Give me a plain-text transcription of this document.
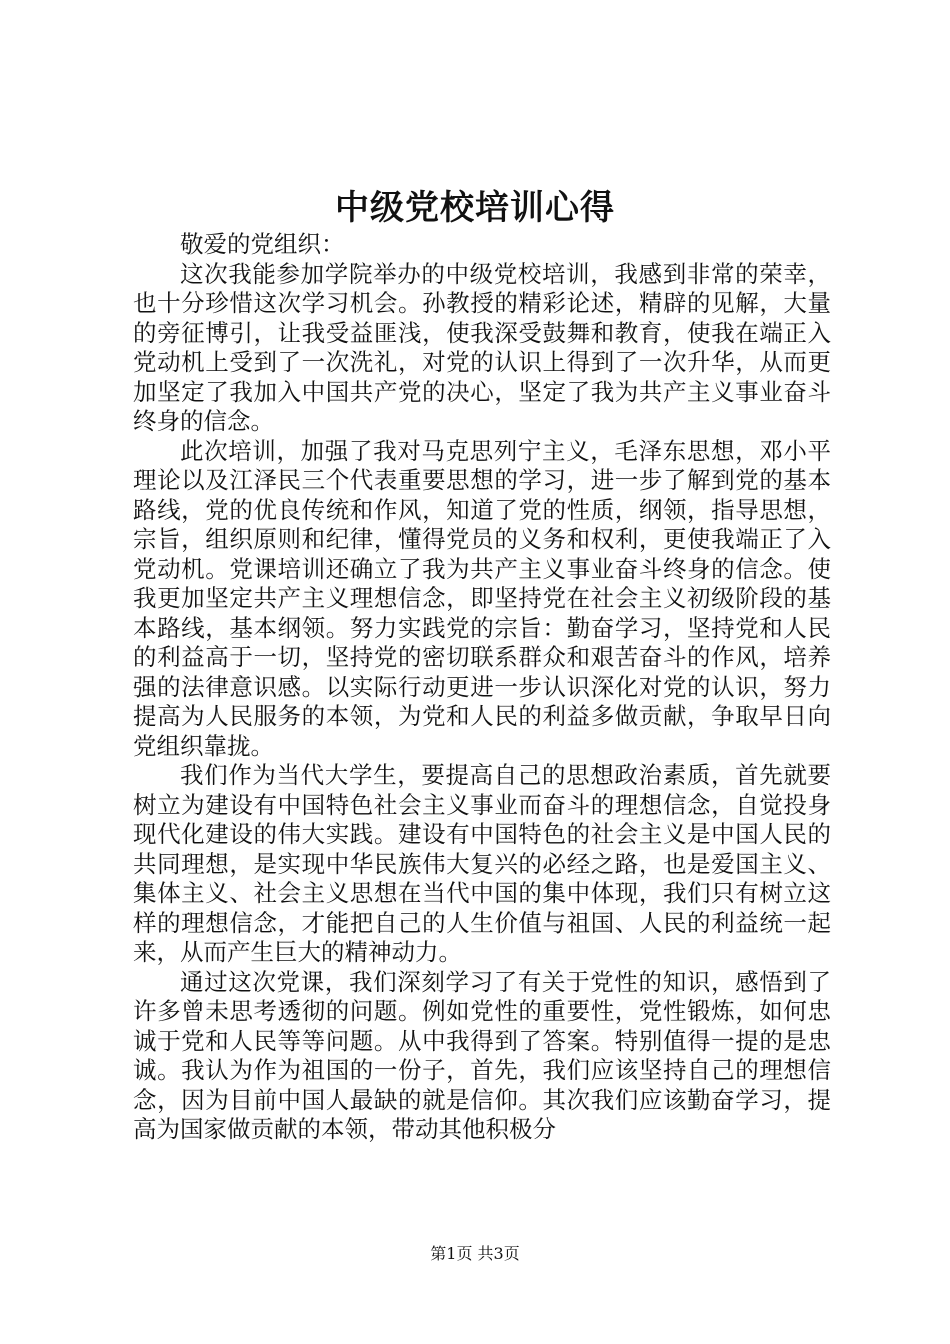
中级党校培训心得

敬爱的党组织：

这次我能参加学院举办的中级党校培训，我感到非常的荣幸，也十分珍惜这次学习机会。孙教授的精彩论述，精辟的见解，大量的旁征博引，让我受益匪浅，使我深受鼓舞和教育，使我在端正入党动机上受到了一次洗礼，对党的认识上得到了一次升华，从而更加坚定了我加入中国共产党的决心，坚定了我为共产主义事业奋斗终身的信念。

此次培训，加强了我对马克思列宁主义，毛泽东思想，邓小平理论以及江泽民三个代表重要思想的学习，进一步了解到党的基本路线，党的优良传统和作风，知道了党的性质，纲领，指导思想，宗旨，组织原则和纪律，懂得党员的义务和权利，更使我端正了入党动机。党课培训还确立了我为共产主义事业奋斗终身的信念。使我更加坚定共产主义理想信念，即坚持党在社会主义初级阶段的基本路线，基本纲领。努力实践党的宗旨：勤奋学习，坚持党和人民的利益高于一切，坚持党的密切联系群众和艰苦奋斗的作风，培养强的法律意识感。以实际行动更进一步认识深化对党的认识，努力提高为人民服务的本领，为党和人民的利益多做贡献，争取早日向党组织靠拢。

我们作为当代大学生，要提高自己的思想政治素质，首先就要树立为建设有中国特色社会主义事业而奋斗的理想信念，自觉投身现代化建设的伟大实践。建设有中国特色的社会主义是中国人民的共同理想，是实现中华民族伟大复兴的必经之路，也是爱国主义、集体主义、社会主义思想在当代中国的集中体现，我们只有树立这样的理想信念，才能把自己的人生价值与祖国、人民的利益统一起来，从而产生巨大的精神动力。

通过这次党课，我们深刻学习了有关于党性的知识，感悟到了许多曾未思考透彻的问题。例如党性的重要性，党性锻炼，如何忠诚于党和人民等等问题。从中我得到了答案。特别值得一提的是忠诚。我认为作为祖国的一份子，首先，我们应该坚持自己的理想信念，因为目前中国人最缺的就是信仰。其次我们应该勤奋学习，提高为国家做贡献的本领，带动其他积极分

第1页 共3页
